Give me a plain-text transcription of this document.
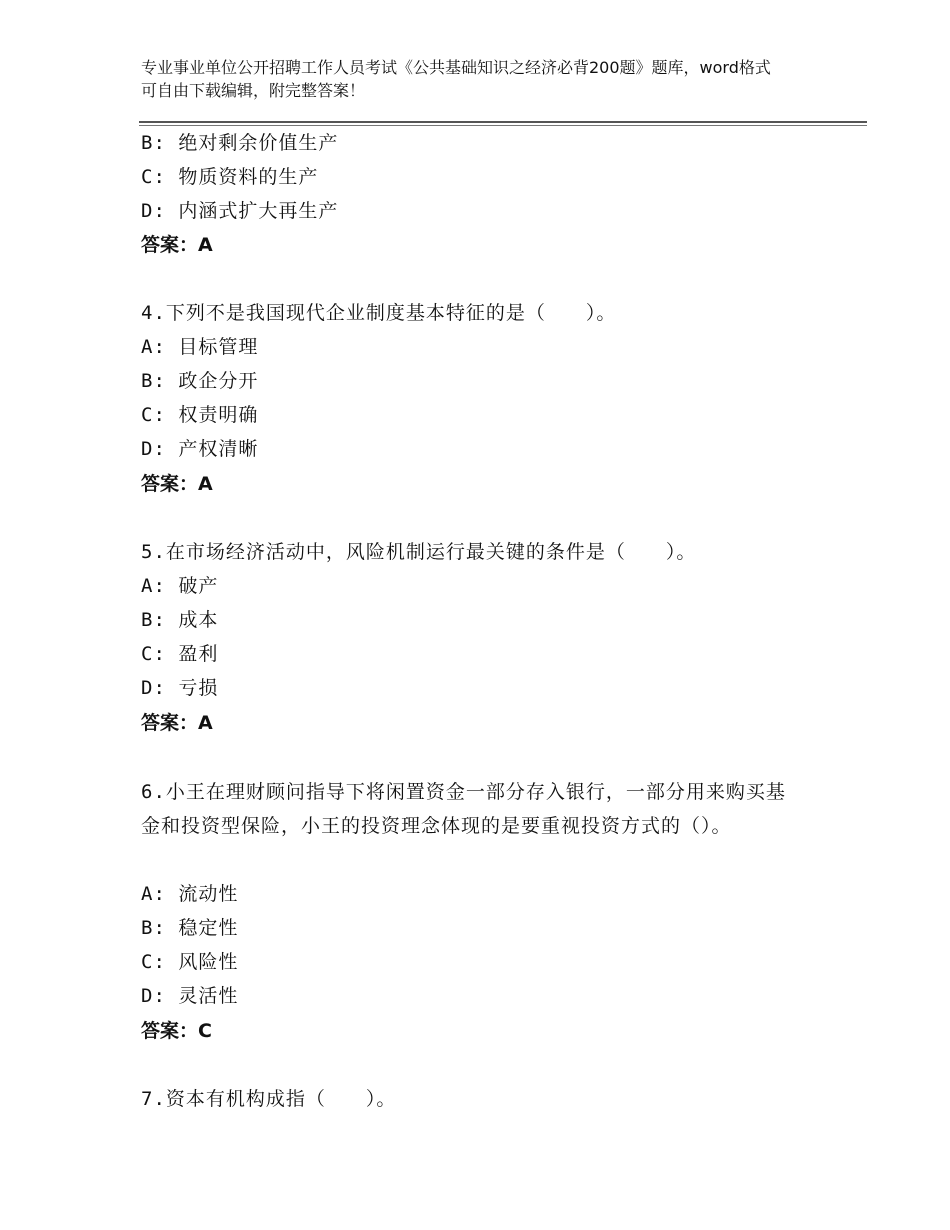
专业事业单位公开招聘工作人员考试《公共基础知识之经济必背200题》题库，word格式可自由下载编辑，附完整答案！
B: 绝对剩余价值生产
C: 物质资料的生产
D: 内涵式扩大再生产
答案：A
4.下列不是我国现代企业制度基本特征的是（　　）。
A: 目标管理
B: 政企分开
C: 权责明确
D: 产权清晰
答案：A
5.在市场经济活动中，风险机制运行最关键的条件是（　　）。
A: 破产
B: 成本
C: 盈利
D: 亏损
答案：A
6.小王在理财顾问指导下将闲置资金一部分存入银行，一部分用来购买基金和投资型保险，小王的投资理念体现的是要重视投资方式的（）。
A: 流动性
B: 稳定性
C: 风险性
D: 灵活性
答案：C
7.资本有机构成指（　　）。
